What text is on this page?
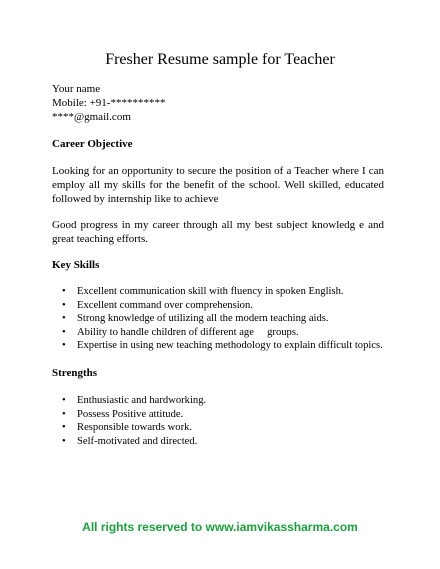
Fresher Resume sample for Teacher
Your name
Mobile: +91-**********
****@gmail.com
Career Objective
Looking for an opportunity to secure the position of a Teacher where I can employ all my skills for the benefit of the school. Well skilled, educated followed by internship like to achieve
Good progress in my career through all my best subject knowledg e and great teaching efforts.
Key Skills
• Excellent communication skill with fluency in spoken English.
• Excellent command over comprehension.
• Strong knowledge of utilizing all the modern teaching aids.
• Ability to handle children of different age     groups.
• Expertise in using new teaching methodology to explain difficult topics.
Strengths
• Enthusiastic and hardworking.
• Possess Positive attitude.
• Responsible towards work.
• Self-motivated and directed.
All rights reserved to www.iamvikassharma.com
